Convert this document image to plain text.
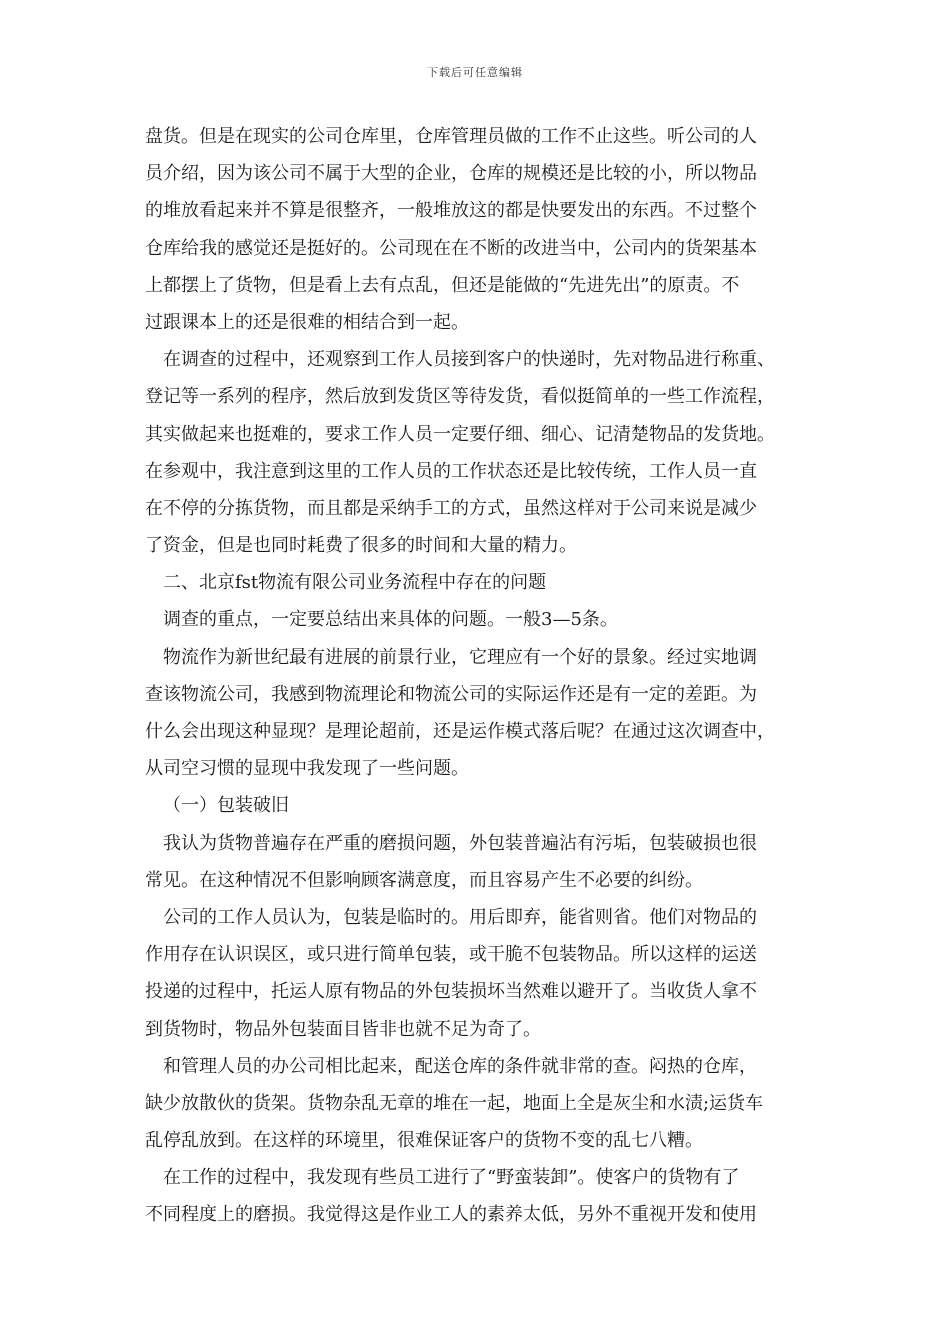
下载后可任意编辑
盘货。但是在现实的公司仓库里，仓库管理员做的工作不止这些。听公司的人
员介绍，因为该公司不属于大型的企业，仓库的规模还是比较的小，所以物品
的堆放看起来并不算是很整齐，一般堆放这的都是快要发出的东西。不过整个
仓库给我的感觉还是挺好的。公司现在在不断的改进当中，公司内的货架基本
上都摆上了货物，但是看上去有点乱，但还是能做的“先进先出”的原责。不
过跟课本上的还是很难的相结合到一起。
在调查的过程中，还观察到工作人员接到客户的快递时，先对物品进行称重、
登记等一系列的程序，然后放到发货区等待发货，看似挺简单的一些工作流程，
其实做起来也挺难的，要求工作人员一定要仔细、细心、记清楚物品的发货地。
在参观中，我注意到这里的工作人员的工作状态还是比较传统，工作人员一直
在不停的分拣货物，而且都是采纳手工的方式，虽然这样对于公司来说是减少
了资金，但是也同时耗费了很多的时间和大量的精力。
二、北京fst物流有限公司业务流程中存在的问题
调查的重点，一定要总结出来具体的问题。一般3—5条。
物流作为新世纪最有进展的前景行业，它理应有一个好的景象。经过实地调
查该物流公司，我感到物流理论和物流公司的实际运作还是有一定的差距。为
什么会出现这种显现？是理论超前，还是运作模式落后呢？在通过这次调查中，
从司空习惯的显现中我发现了一些问题。
（一）包装破旧
我认为货物普遍存在严重的磨损问题，外包装普遍沾有污垢，包装破损也很
常见。在这种情况不但影响顾客满意度，而且容易产生不必要的纠纷。
公司的工作人员认为，包装是临时的。用后即弃，能省则省。他们对物品的
作用存在认识误区，或只进行简单包装，或干脆不包装物品。所以这样的运送
投递的过程中，托运人原有物品的外包装损坏当然难以避开了。当收货人拿不
到货物时，物品外包装面目皆非也就不足为奇了。
和管理人员的办公司相比起来，配送仓库的条件就非常的查。闷热的仓库，
缺少放散伙的货架。货物杂乱无章的堆在一起，地面上全是灰尘和水渍;运货车
乱停乱放到。在这样的环境里，很难保证客户的货物不变的乱七八糟。
在工作的过程中，我发现有些员工进行了“野蛮装卸”。使客户的货物有了
不同程度上的磨损。我觉得这是作业工人的素养太低，另外不重视开发和使用
